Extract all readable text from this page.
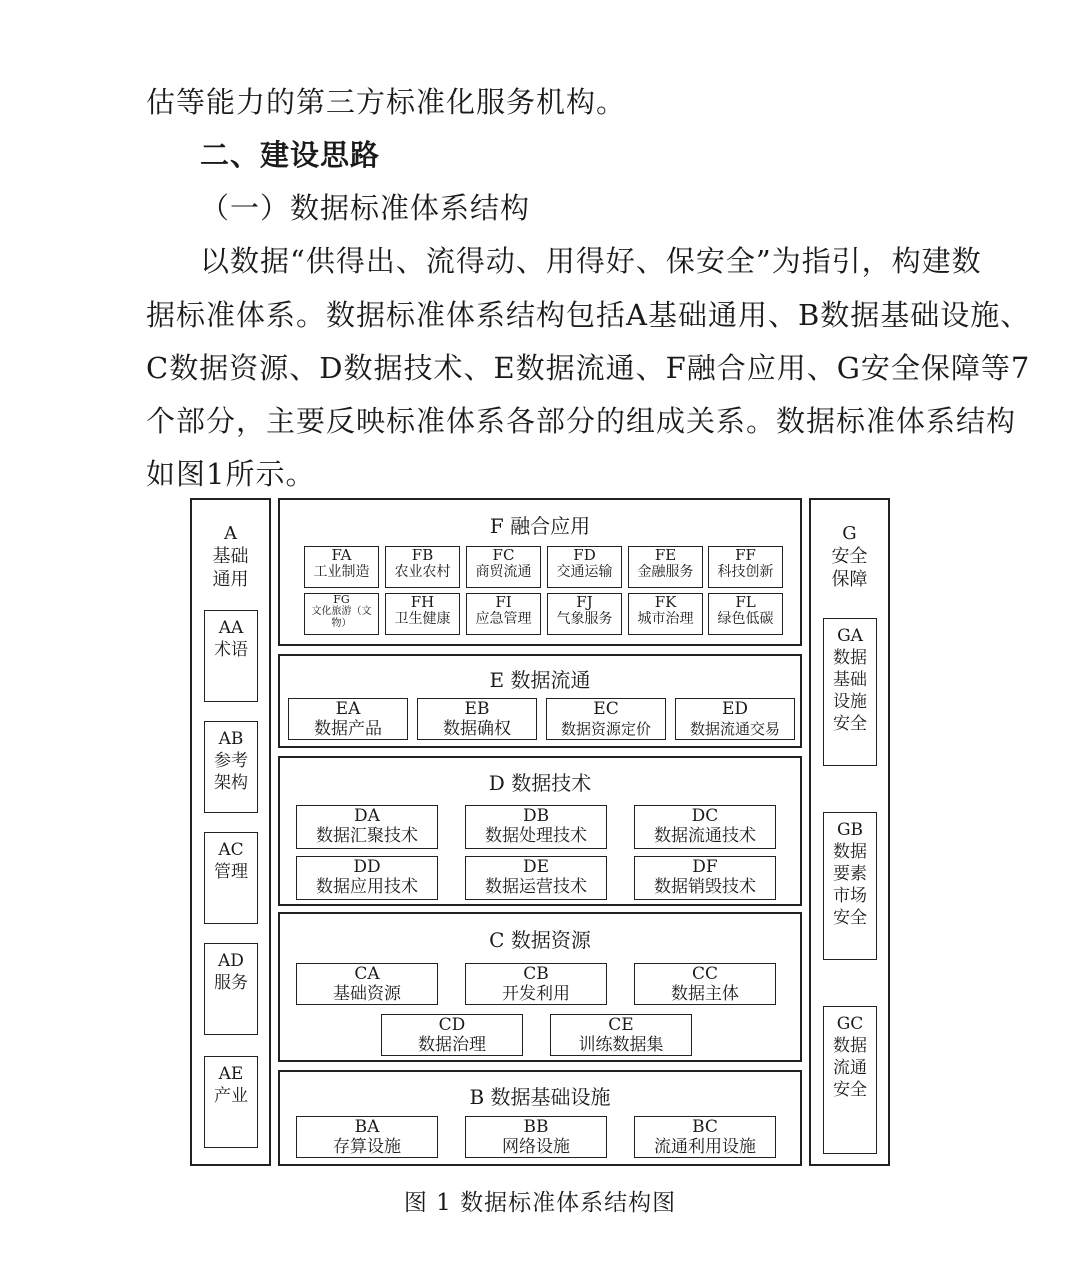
估等能力的第三方标准化服务机构。
二、建设思路
（一）数据标准体系结构
以数据“供得出、流得动、用得好、保安全”为指引，构建数
据标准体系。数据标准体系结构包括A基础通用、B数据基础设施、
C数据资源、D数据技术、E数据流通、F融合应用、G安全保障等7
个部分，主要反映标准体系各部分的组成关系。数据标准体系结构
如图1所示。
A
基础
通用
AA
术语
AB
参考
架构
AC
管理
AD
服务
AE
产业
G
安全
保障
GA
数据
基础
设施
安全
GB
数据
要素
市场
安全
GC
数据
流通
安全
F 融合应用
FA
工业制造
FB
农业农村
FC
商贸流通
FD
交通运输
FE
金融服务
FF
科技创新
FG
文化旅游（文物）
FH
卫生健康
FI
应急管理
FJ
气象服务
FK
城市治理
FL
绿色低碳
E 数据流通
EA
数据产品
EB
数据确权
EC
数据资源定价
ED
数据流通交易
D 数据技术
DA
数据汇聚技术
DB
数据处理技术
DC
数据流通技术
DD
数据应用技术
DE
数据运营技术
DF
数据销毁技术
C 数据资源
CA
基础资源
CB
开发利用
CC
数据主体
CD
数据治理
CE
训练数据集
B 数据基础设施
BA
存算设施
BB
网络设施
BC
流通利用设施
图 1 数据标准体系结构图
